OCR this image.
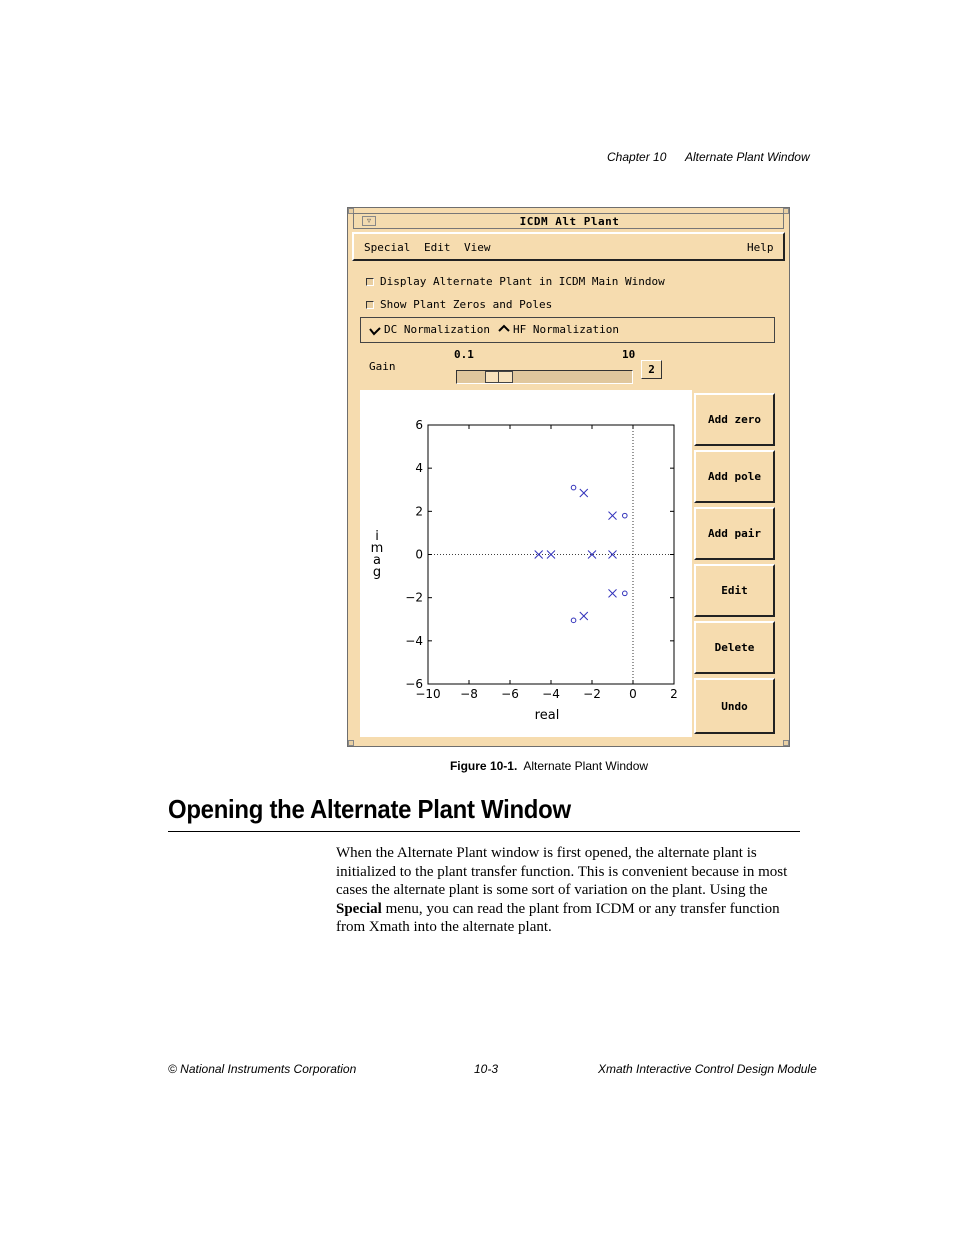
Chapter 10 Alternate Plant Window
▿	ICDM Alt Plant
Special Edit View	Help
Display Alternate Plant in ICDM Main Window
Show Plant Zeros and Poles
DC Normalization HF Normalization
Gain
0.1	10
2
−10 −8 −6 −4 −2 0	2
−6
−4
−2
0
2
4
6
real
i
m
a
g
Add zero
Add pole
Add pair
Edit
Delete
Undo
Figure 10-1. Alternate Plant Window
Opening the Alternate Plant Window
When the Alternate Plant window is first opened, the alternate plant is initialized to the plant transfer function. This is convenient because in most cases the alternate plant is some sort of variation on the plant. Using the Special menu, you can read the plant from ICDM or any transfer function from Xmath into the alternate plant.
© National Instruments Corporation	10-3	Xmath Interactive Control Design Module
